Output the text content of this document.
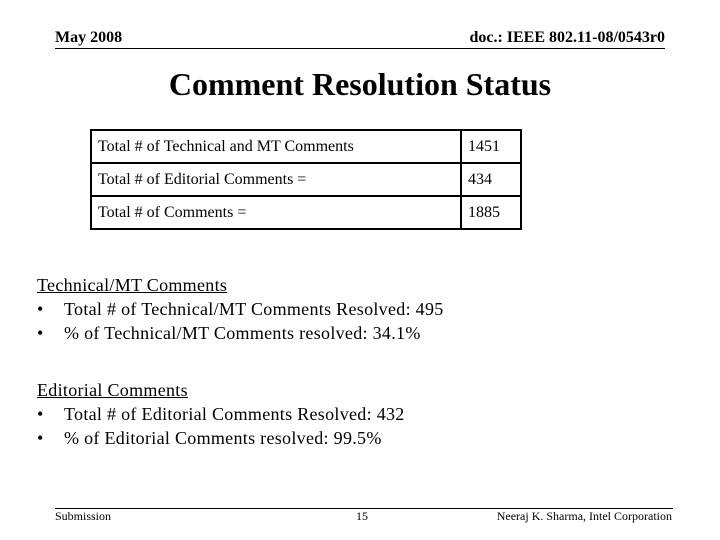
May 2008	doc.: IEEE 802.11-08/0543r0
Comment Resolution Status
Total # of Technical and MT Comments	1451
Total # of Editorial Comments =	434
Total # of Comments =	1885
Technical/MT Comments
• Total # of Technical/MT Comments Resolved: 495
• % of Technical/MT Comments resolved: 34.1%
Editorial Comments
• Total # of Editorial Comments Resolved: 432
• % of Editorial Comments resolved: 99.5%
Submission	15	Neeraj K. Sharma, Intel Corporation
